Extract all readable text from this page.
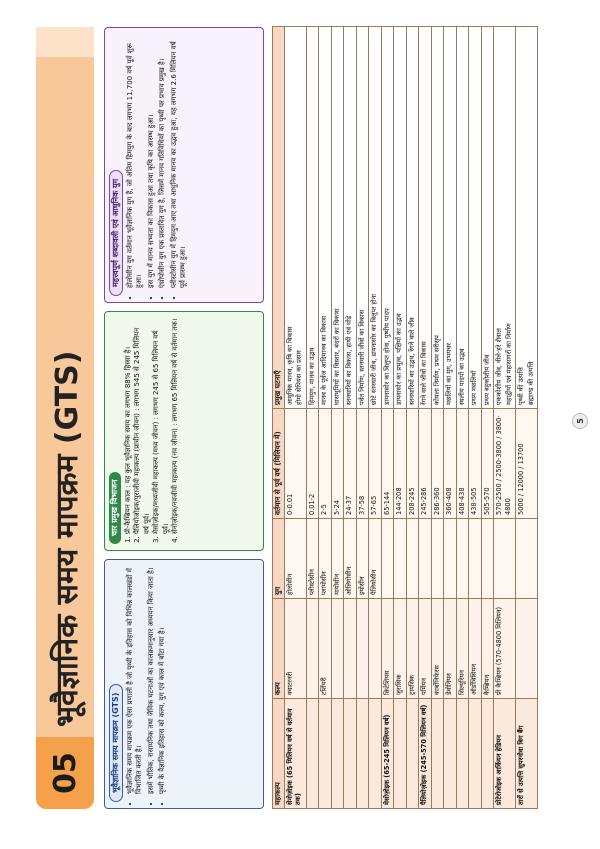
05
भूवैज्ञानिक समय मापक्रम (GTS)
भूवैज्ञानिक समय मापक्रम (GTS) • भूवैज्ञानिक समय मापक्रम एक ऐसा प्रणाली है जो पृथ्वी के इतिहास को विभिन्न कालखंडों में विभाजित करती है। • इसमें भौतिक, रासायनिक तथा जैविक घटनाओं का कालक्रमानुसार अध्ययन किया जाता है। • पृथ्वी के वैज्ञानिक इतिहास को कल्प, युग एवं काल में बाँटा गया है।
चार प्रमुख विभाजन 1. प्री-कैम्ब्रियन काल : यह कुल भूवैज्ञानिक समय का लगभग 88% हिस्सा है। 2. पैलियोजोइक/पुराजीवी महाकल्प (प्राचीन जीवन) : लगभग 545 से 245 मिलियन वर्ष पूर्व। 3. मेसोज़ोइक/मध्यजीवी महाकल्प (मध्य जीवन) : लगभग 245 से 65 मिलियन वर्ष पूर्व। 4. सेनोज़ोइक/नवजीवी महाकल्प (नव जीवन) : लगभग 65 मिलियन वर्ष से वर्तमान तक।
महत्त्वपूर्ण शब्दावली एवं आधुनिक युग • होलोसीन युग वर्तमान भूवैज्ञानिक युग है, जो अंतिम हिमयुग के बाद लगभग 11,700 वर्ष पूर्व शुरू हुआ। • इस युग में मानव सभ्यता का विकास हुआ तथा कृषि का आरम्भ हुआ। • एंथ्रोपोसीन युग एक प्रस्तावित युग है, जिसमें मानव गतिविधियों का पृथ्वी पर प्रभाव प्रमुख है। • प्लीस्टोसीन युग में हिमयुग आए तथा आधुनिक मानव का उद्भव हुआ, यह लगभग 2.6 मिलियन वर्ष पूर्व प्रारम्भ हुआ।
महाकल्प	कल्प	युग	वर्तमान से पूर्व वर्ष (मिलियन में)	प्रमुख घटनाएँ
सेनोज़ोइक (65 मिलियन वर्ष से वर्तमान तक)	क्वाटरनरी	होलोसीन	0-0.01	आधुनिक मानव, कृषि का विकास होमो सेपियंस का प्रसार

		प्लीस्टोसीन	0.01-2	हिमयुग, मानव का उद्भव

	टर्शियरी	प्लायोसीन	2-5	मानव के पूर्वज आदिमानव का विकास

		मायोसीन	5-24	घासभूमियों का विस्तार, बंदरों का विकास

		ओलिगोसीन	24-37	स्तनधारियों का विकास, हाथी एवं घोड़े

		इयोसीन	37-58	पर्वत निर्माण, स्तनधारी जीवों का विकास

		पैलियोसीन	57-65	छोटे स्तनधारी जीव, डायनासोर का विलुप्त होना

मेसोज़ोइक (65-245 मिलियन वर्ष)	क्रिटेशियस		65-144	डायनासोर का विलुप्त होना, पुष्पीय पादप

	जुरासिक		144-208	डायनासोर का प्रभुत्व, पक्षियों का उद्भव

	ट्रायसिक		208-245	स्तनधारियों का उद्भव, रेंगने वाले जीव

पैलियोज़ोइक (245-570 मिलियन वर्ष)	पर्मियन		245-286	रेंगने वाले जीवों का विकास

	कार्बोनिफेरस		286-360	कोयला निर्माण, प्रथम सरीसृप

	डेवोनियन		360-408	मछलियों का युग, उभयचर

	सिल्यूरियन		408-438	स्थलीय पादपों का उद्भव

	ऑर्डोविसियन		438-505	प्रथम मछलियाँ

	कैम्ब्रियन		505-570	प्रथम बहुकोशीय जीव

प्रोटेरोजोइक आर्कियन हेडियन	प्री कैम्ब्रियन (570-4800 मिलियन)		570-2500 / 2500-3800 / 3800-4800	एककोशीय जीव, नीले-हरे शैवाल महाद्वीपों एवं महासागरों का निर्माण

तारों से उत्पत्ति सुपरनोवा बिग बैंग			5000 / 12000 / 13700	पृथ्वी की उत्पत्ति ब्रह्माण्ड की उत्पत्ति
5
